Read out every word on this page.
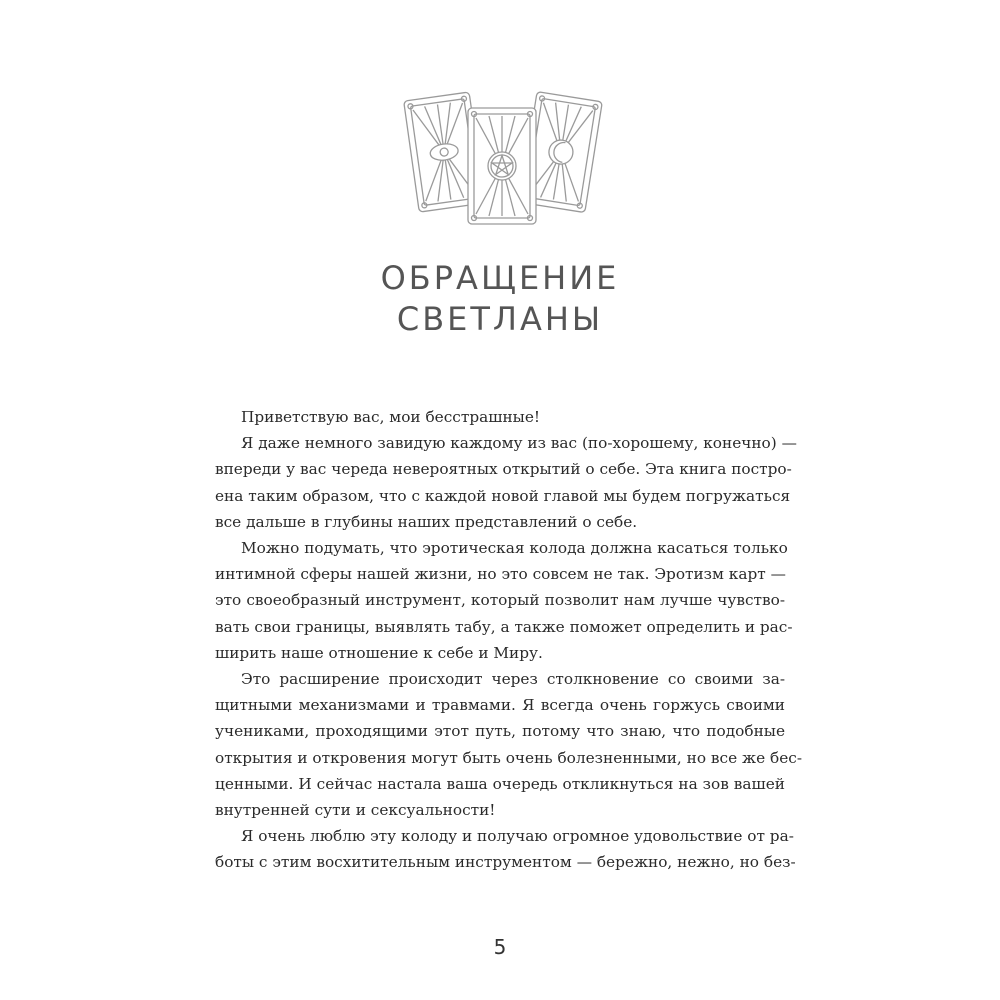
ОБРАЩЕНИЕ
СВЕТЛАНЫ

Приветствую вас, мои бесстрашные!

Я даже немного завидую каждому из вас (по-хорошему, конечно) —
впереди у вас череда невероятных открытий о себе. Эта книга постро-
ена таким образом, что с каждой новой главой мы будем погружаться
все дальше в глубины наших представлений о себе.

Можно подумать, что эротическая колода должна касаться только
интимной сферы нашей жизни, но это совсем не так. Эротизм карт —
это своеобразный инструмент, который позволит нам лучше чувство-
вать свои границы, выявлять табу, а также поможет определить и рас-
ширить наше отношение к себе и Миру.

Это расширение происходит через столкновение со своими за-
щитными механизмами и травмами. Я всегда очень горжусь своими
учениками, проходящими этот путь, потому что знаю, что подобные
открытия и откровения могут быть очень болезненными, но все же бес-
ценными. И сейчас настала ваша очередь откликнуться на зов вашей
внутренней сути и сексуальности!

Я очень люблю эту колоду и получаю огромное удовольствие от ра-
боты с этим восхитительным инструментом — бережно, нежно, но без-

5
